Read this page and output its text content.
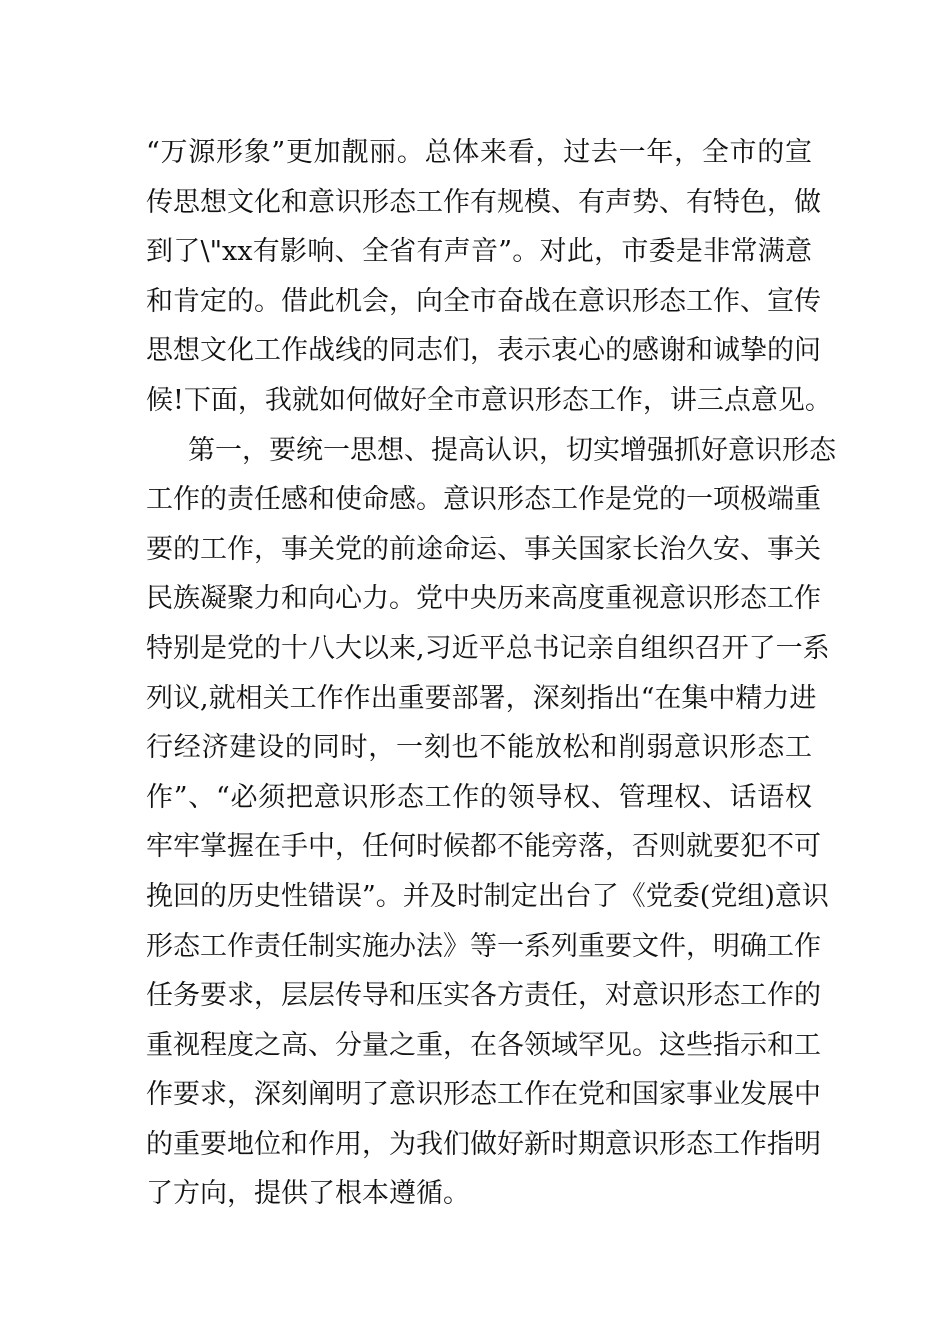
“万源形象”更加靓丽。总体来看，过去一年，全市的宣
传思想文化和意识形态工作有规模、有声势、有特色，做
到了\"xx有影响、全省有声音”。对此，市委是非常满意
和肯定的。借此机会，向全市奋战在意识形态工作、宣传
思想文化工作战线的同志们，表示衷心的感谢和诚挚的问
候!下面，我就如何做好全市意识形态工作，讲三点意见。
第一，要统一思想、提高认识，切实增强抓好意识形态
工作的责任感和使命感。意识形态工作是党的一项极端重
要的工作，事关党的前途命运、事关国家长治久安、事关
民族凝聚力和向心力。党中央历来高度重视意识形态工作
特别是党的十八大以来,习近平总书记亲自组织召开了一系
列议,就相关工作作出重要部署，深刻指出“在集中精力进
行经济建设的同时，一刻也不能放松和削弱意识形态工
作”、“必须把意识形态工作的领导权、管理权、话语权
牢牢掌握在手中，任何时候都不能旁落，否则就要犯不可
挽回的历史性错误”。并及时制定出台了《党委(党组)意识
形态工作责任制实施办法》等一系列重要文件，明确工作
任务要求，层层传导和压实各方责任，对意识形态工作的
重视程度之高、分量之重，在各领域罕见。这些指示和工
作要求，深刻阐明了意识形态工作在党和国家事业发展中
的重要地位和作用，为我们做好新时期意识形态工作指明
了方向，提供了根本遵循。
